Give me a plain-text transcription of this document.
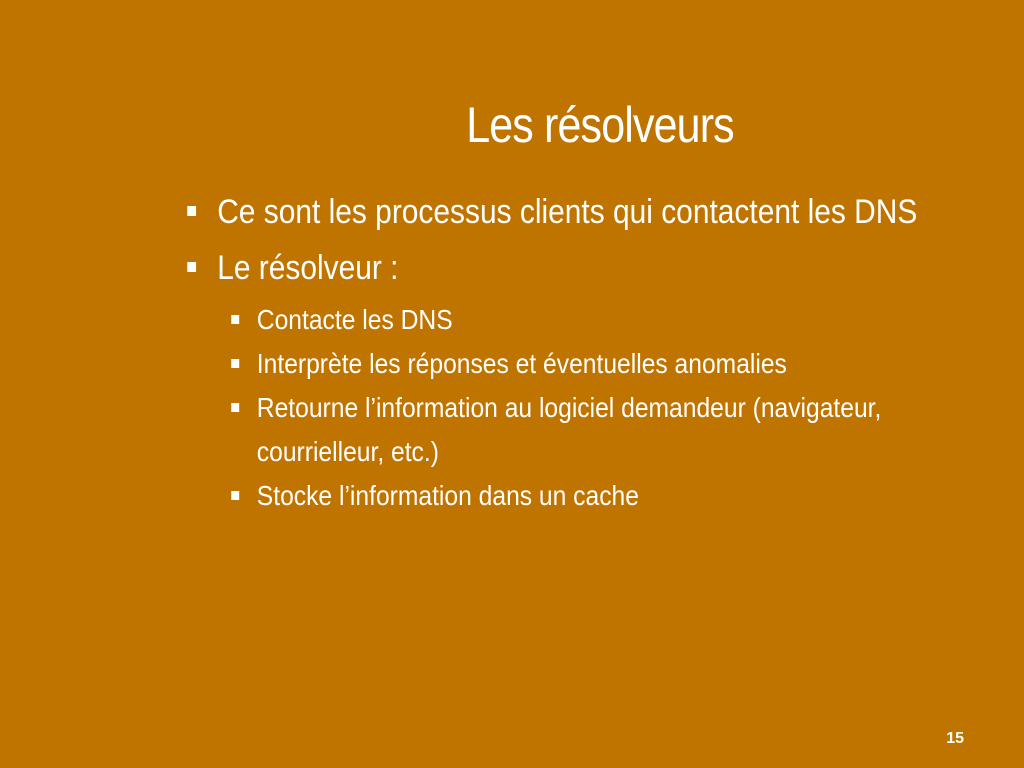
Les résolveurs
Ce sont les processus clients qui contactent les DNS
Le résolveur :
Contacte les DNS
Interprète les réponses et éventuelles anomalies
Retourne l’information au logiciel demandeur (navigateur, courrielleur, etc.)
Stocke l’information dans un cache
15
